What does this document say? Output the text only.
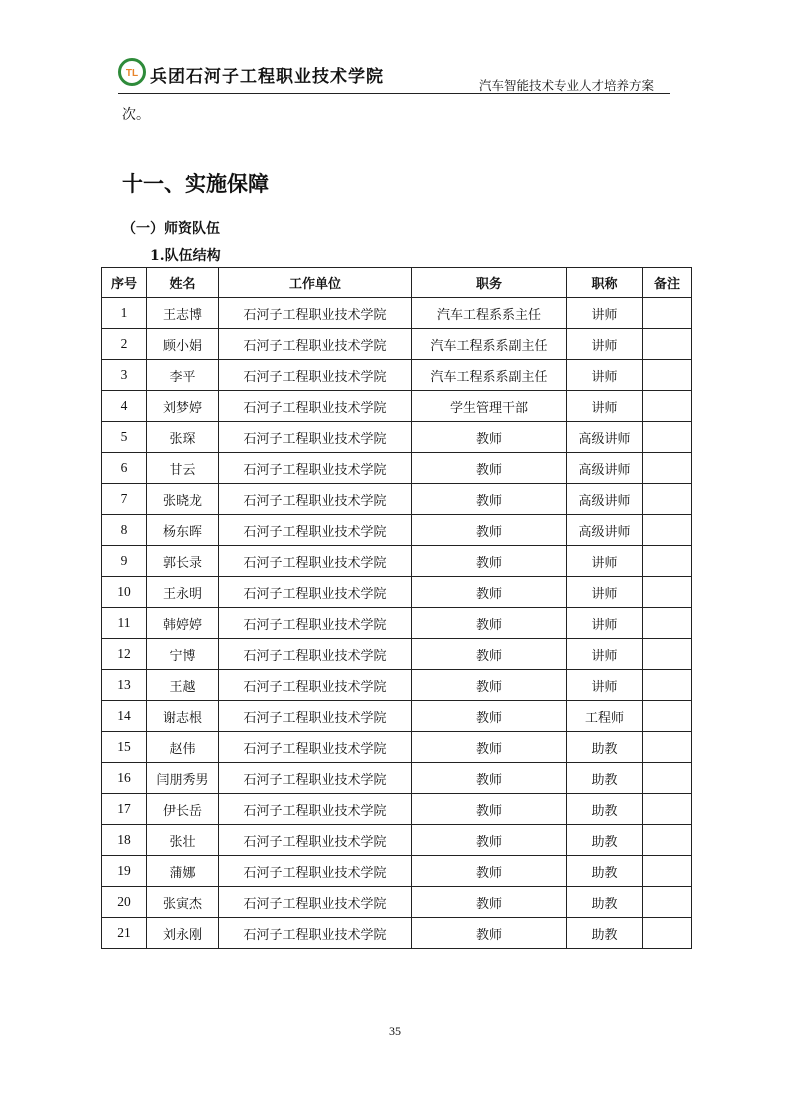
TL 兵团石河子工程职业技术学院	汽车智能技术专业人才培养方案
次。
十一、实施保障
（一）师资队伍
1.队伍结构
序号	姓名	工作单位	职务	职称	备注
1	王志博	石河子工程职业技术学院	汽车工程系系主任	讲师	
2	顾小娟	石河子工程职业技术学院	汽车工程系系副主任	讲师	
3	李平	石河子工程职业技术学院	汽车工程系系副主任	讲师	
4	刘梦婷	石河子工程职业技术学院	学生管理干部	讲师	
5	张琛	石河子工程职业技术学院	教师	高级讲师	
6	甘云	石河子工程职业技术学院	教师	高级讲师	
7	张晓龙	石河子工程职业技术学院	教师	高级讲师	
8	杨东晖	石河子工程职业技术学院	教师	高级讲师	
9	郭长录	石河子工程职业技术学院	教师	讲师	
10	王永明	石河子工程职业技术学院	教师	讲师	
11	韩婷婷	石河子工程职业技术学院	教师	讲师	
12	宁博	石河子工程职业技术学院	教师	讲师	
13	王越	石河子工程职业技术学院	教师	讲师	
14	谢志根	石河子工程职业技术学院	教师	工程师	
15	赵伟	石河子工程职业技术学院	教师	助教	
16	闫朋秀男	石河子工程职业技术学院	教师	助教	
17	伊长岳	石河子工程职业技术学院	教师	助教	
18	张壮	石河子工程职业技术学院	教师	助教	
19	蒲娜	石河子工程职业技术学院	教师	助教	
20	张寅杰	石河子工程职业技术学院	教师	助教	
21	刘永刚	石河子工程职业技术学院	教师	助教	
35
